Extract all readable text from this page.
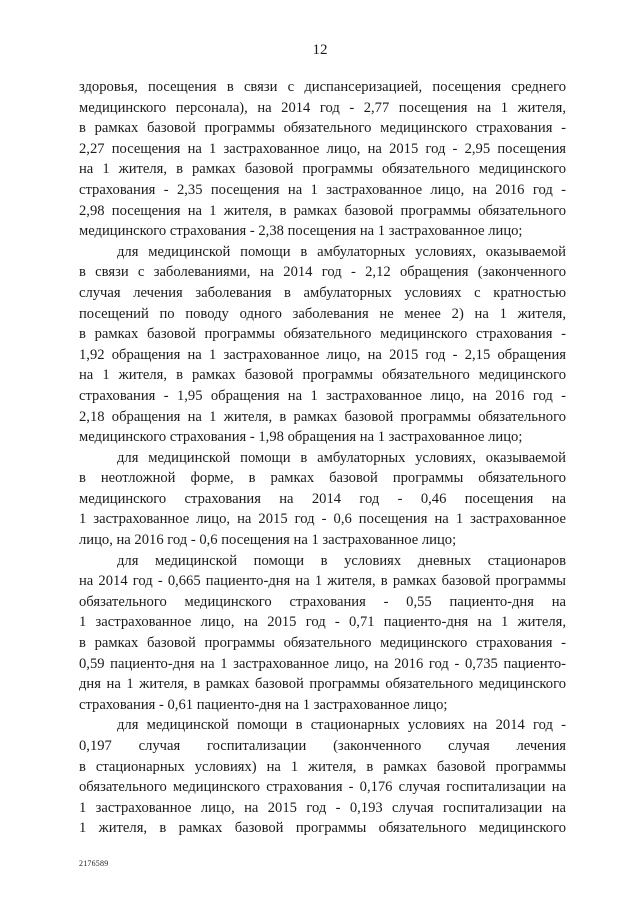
12
здоровья, посещения в связи с диспансеризацией, посещения среднего
медицинского персонала), на 2014 год - 2,77 посещения на 1 жителя,
в рамках базовой программы обязательного медицинского страхования -
2,27 посещения на 1 застрахованное лицо, на 2015 год - 2,95 посещения
на 1 жителя, в рамках базовой программы обязательного медицинского
страхования - 2,35 посещения на 1 застрахованное лицо, на 2016 год -
2,98 посещения на 1 жителя, в рамках базовой программы обязательного
медицинского страхования - 2,38 посещения на 1 застрахованное лицо;
для медицинской помощи в амбулаторных условиях, оказываемой
в связи с заболеваниями, на 2014 год - 2,12 обращения (законченного
случая лечения заболевания в амбулаторных условиях с кратностью
посещений по поводу одного заболевания не менее 2) на 1 жителя,
в рамках базовой программы обязательного медицинского страхования -
1,92 обращения на 1 застрахованное лицо, на 2015 год - 2,15 обращения
на 1 жителя, в рамках базовой программы обязательного медицинского
страхования - 1,95 обращения на 1 застрахованное лицо, на 2016 год -
2,18 обращения на 1 жителя, в рамках базовой программы обязательного
медицинского страхования - 1,98 обращения на 1 застрахованное лицо;
для медицинской помощи в амбулаторных условиях, оказываемой
в неотложной форме, в рамках базовой программы обязательного
медицинского страхования на 2014 год - 0,46 посещения на
1 застрахованное лицо, на 2015 год - 0,6 посещения на 1 застрахованное
лицо, на 2016 год - 0,6 посещения на 1 застрахованное лицо;
для медицинской помощи в условиях дневных стационаров
на 2014 год - 0,665 пациенто-дня на 1 жителя, в рамках базовой программы
обязательного медицинского страхования - 0,55 пациенто-дня на
1 застрахованное лицо, на 2015 год - 0,71 пациенто-дня на 1 жителя,
в рамках базовой программы обязательного медицинского страхования -
0,59 пациенто-дня на 1 застрахованное лицо, на 2016 год - 0,735 пациенто-
дня на 1 жителя, в рамках базовой программы обязательного медицинского
страхования - 0,61 пациенто-дня на 1 застрахованное лицо;
для медицинской помощи в стационарных условиях на 2014 год -
0,197 случая госпитализации (законченного случая лечения
в стационарных условиях) на 1 жителя, в рамках базовой программы
обязательного медицинского страхования - 0,176 случая госпитализации на
1 застрахованное лицо, на 2015 год - 0,193 случая госпитализации на
1 жителя, в рамках базовой программы обязательного медицинского
2176589
